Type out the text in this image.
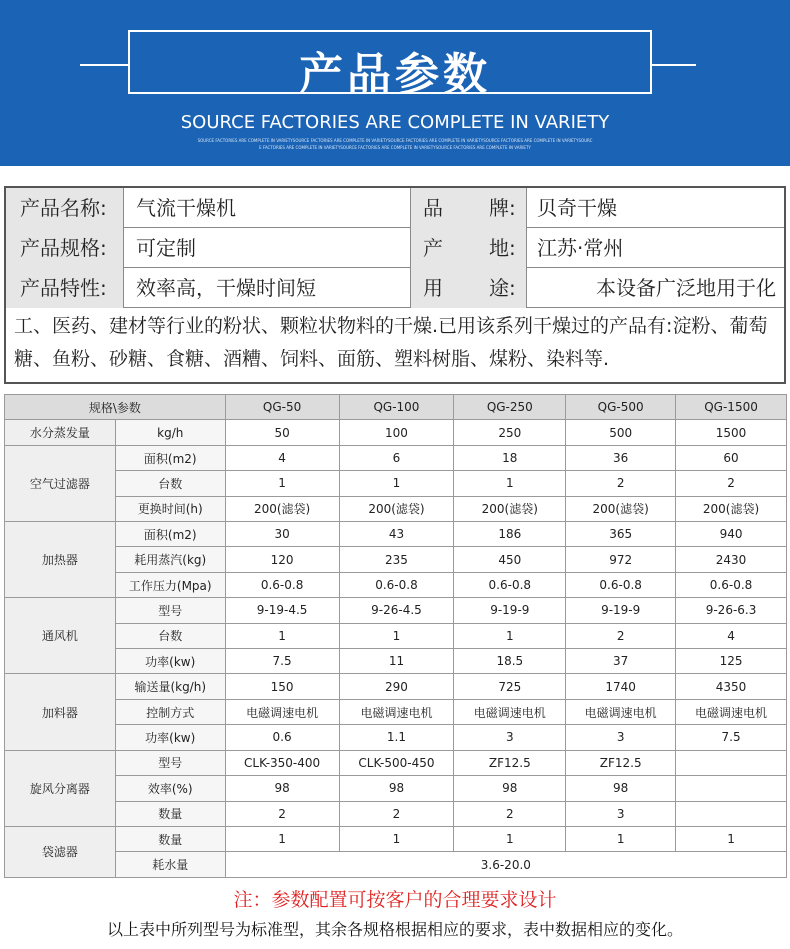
产品参数
SOURCE FACTORIES ARE COMPLETE IN VARIETY
SOURCE FACTORIES ARE COMPLETE IN VARIETYSOURCE FACTORIES ARE COMPLETE IN VARIETYSOURCE FACTORIES ARE COMPLETE IN VARIETYSOURCE FACTORIES ARE COMPLETE IN VARIETYSOURC
E FACTORIES ARE COMPLETE IN VARIETYSOURCE FACTORIES ARE COMPLETE IN VARIETYSOURCE FACTORIES ARE COMPLETE IN VARIETY
产品名称:	气流干燥机	品 牌:	贝奇干燥
产品规格:	可定制	产 地:	江苏·常州
产品特性:	效率高，干燥时间短	用 途:	本设备广泛地用于化
工、医药、建材等行业的粉状、颗粒状物料的干燥.已用该系列干燥过的产品有:淀粉、葡萄糖、鱼粉、砂糖、食糖、酒糟、饲料、面筋、塑料树脂、煤粉、染料等.
规格\参数		QG-50	QG-100	QG-250	QG-500	QG-1500
水分蒸发量	kg/h	50	100	250	500	1500
空气过滤器	面积(m2)	4	6	18	36	60
	台数	1	1	1	2	2
	更换时间(h)	200(滤袋)	200(滤袋)	200(滤袋)	200(滤袋)	200(滤袋)
加热器	面积(m2)	30	43	186	365	940
	耗用蒸汽(kg)	120	235	450	972	2430
	工作压力(Mpa)	0.6-0.8	0.6-0.8	0.6-0.8	0.6-0.8	0.6-0.8
通风机	型号	9-19-4.5	9-26-4.5	9-19-9	9-19-9	9-26-6.3
	台数	1	1	1	2	4
	功率(kw)	7.5	11	18.5	37	125
加料器	输送量(kg/h)	150	290	725	1740	4350
	控制方式	电磁调速电机	电磁调速电机	电磁调速电机	电磁调速电机	电磁调速电机
	功率(kw)	0.6	1.1	3	3	7.5
旋风分离器	型号	CLK-350-400	CLK-500-450	ZF12.5	ZF12.5	
	效率(%)	98	98	98	98	
	数量	2	2	2	3	
袋滤器	数量	1	1	1	1	1
	耗水量	3.6-20.0				
注：参数配置可按客户的合理要求设计
以上表中所列型号为标准型，其余各规格根据相应的要求，表中数据相应的变化。
